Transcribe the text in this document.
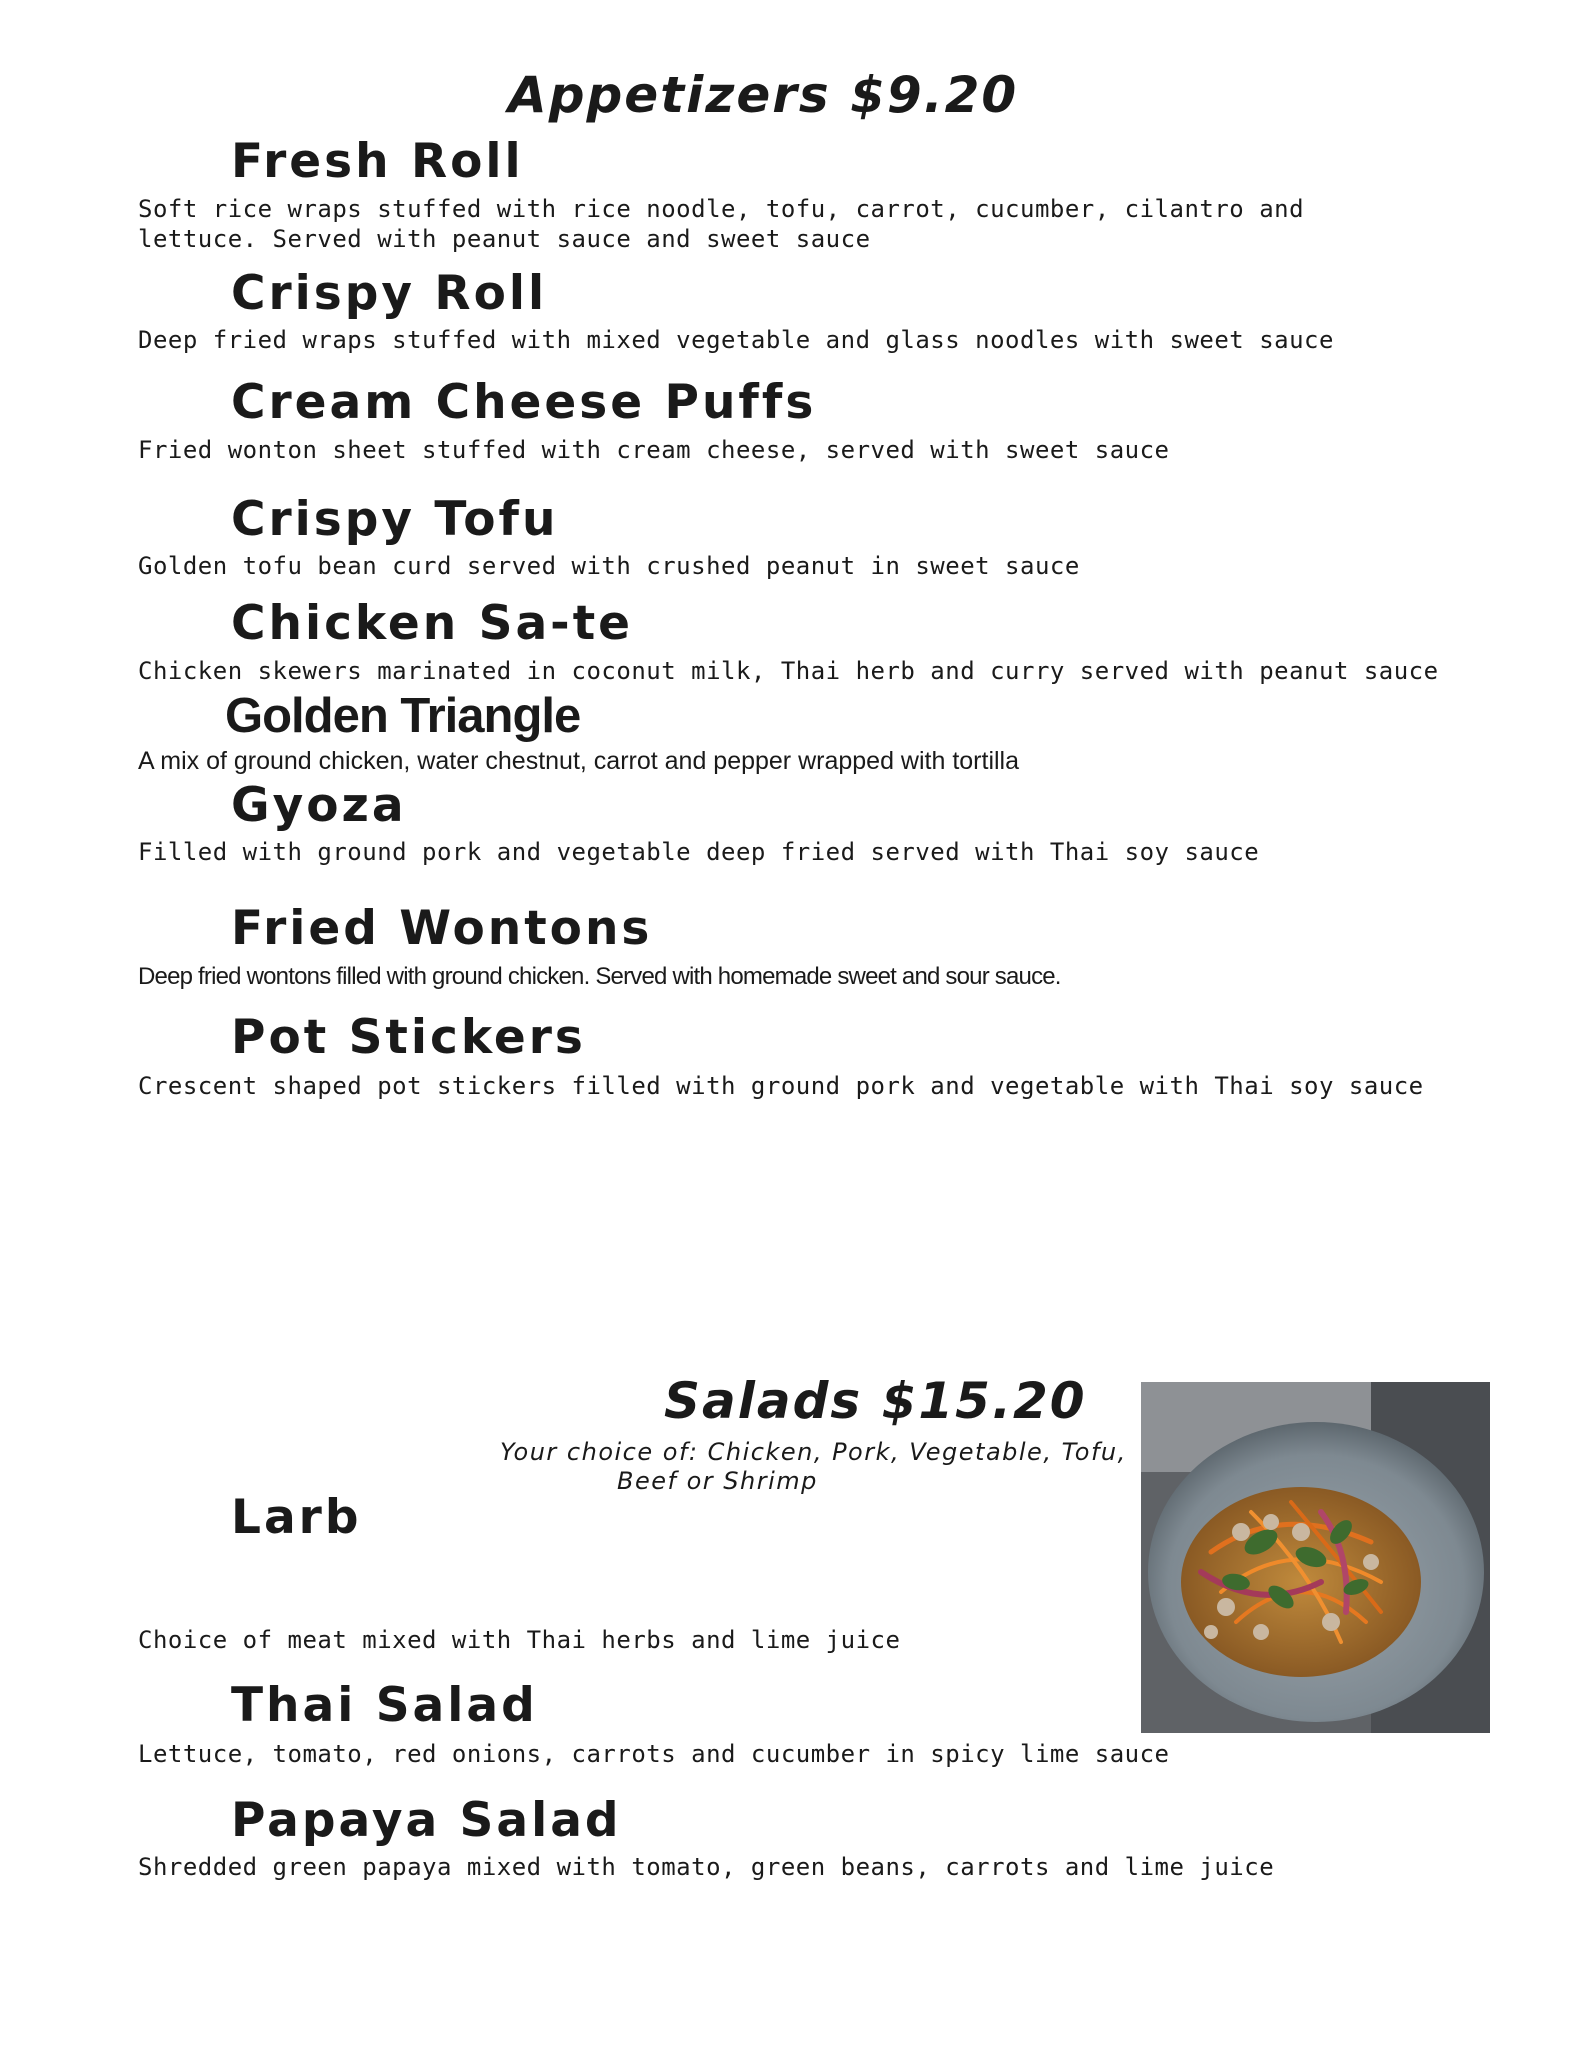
Appetizers $9.20
Fresh Roll

Soft rice wraps stuffed with rice noodle, tofu, carrot, cucumber, cilantro and lettuce. Served with peanut sauce and sweet sauce

Crispy Roll

Deep fried wraps stuffed with mixed vegetable and glass noodles with sweet sauce

Cream Cheese Puffs

Fried wonton sheet stuffed with cream cheese, served with sweet sauce

Crispy Tofu

Golden tofu bean curd served with crushed peanut in sweet sauce

Chicken Sa-te

Chicken skewers marinated in coconut milk, Thai herb and curry served with peanut sauce

Golden Triangle

A mix of ground chicken, water chestnut, carrot and pepper wrapped with tortilla

Gyoza

Filled with ground pork and vegetable deep fried served with Thai soy sauce

Fried Wontons

Deep fried wontons filled with ground chicken. Served with homemade sweet and sour sauce.

Pot Stickers

Crescent shaped pot stickers filled with ground pork and vegetable with Thai soy sauce

Salads $15.20

Your choice of: Chicken, Pork, Vegetable, Tofu,

Beef or Shrimp

Larb

Choice of meat mixed with Thai herbs and lime juice

Thai Salad

Lettuce, tomato, red onions, carrots and cucumber in spicy lime sauce

Papaya Salad

Shredded green papaya mixed with tomato, green beans, carrots and lime juice
